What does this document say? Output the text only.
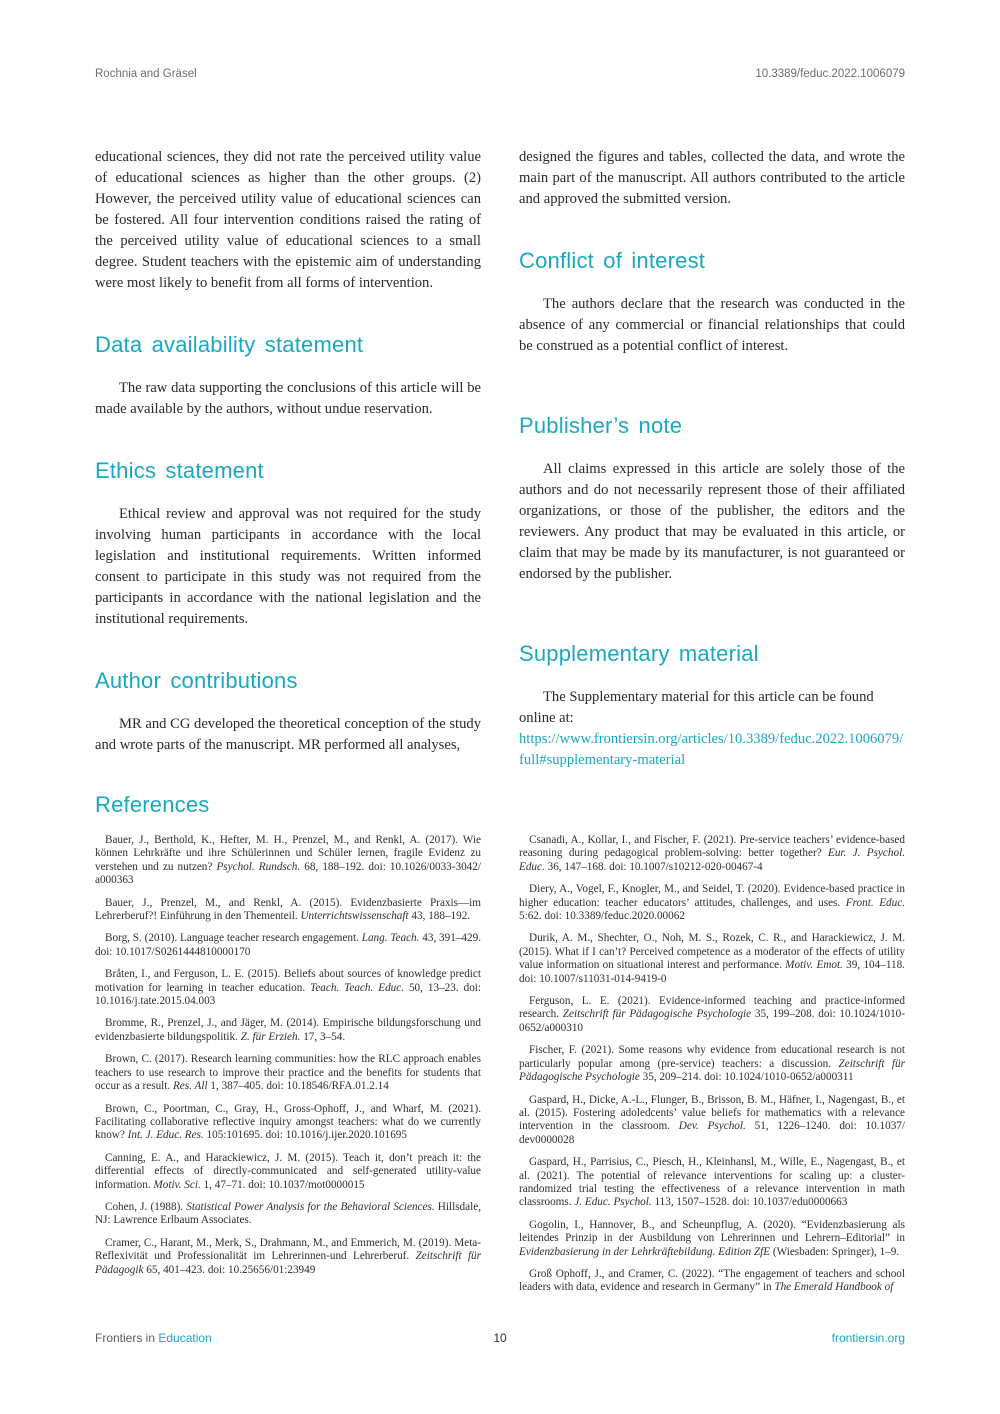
Rochnia and Gräsel	10.3389/feduc.2022.1006079

educational sciences, they did not rate the perceived utility value of educational sciences as higher than the other groups. (2) However, the perceived utility value of educational sciences can be fostered. All four intervention conditions raised the rating of the perceived utility value of educational sciences to a small degree. Student teachers with the epistemic aim of understanding were most likely to benefit from all forms of intervention.

Data availability statement

The raw data supporting the conclusions of this article will be made available by the authors, without undue reservation.

Ethics statement

Ethical review and approval was not required for the study involving human participants in accordance with the local legislation and institutional requirements. Written informed consent to participate in this study was not required from the participants in accordance with the national legislation and the institutional requirements.

Author contributions

MR and CG developed the theoretical conception of the study and wrote parts of the manuscript. MR performed all analyses,

designed the figures and tables, collected the data, and wrote the main part of the manuscript. All authors contributed to the article and approved the submitted version.

Conflict of interest

The authors declare that the research was conducted in the absence of any commercial or financial relationships that could be construed as a potential conflict of interest.

Publisher’s note

All claims expressed in this article are solely those of the authors and do not necessarily represent those of their affiliated organizations, or those of the publisher, the editors and the reviewers. Any product that may be evaluated in this article, or claim that may be made by its manufacturer, is not guaranteed or endorsed by the publisher.

Supplementary material

The Supplementary material for this article can be found online at: https://www.frontiersin.org/articles/10.3389/feduc.2022.1006079/ full#supplementary-material

References

Bauer, J., Berthold, K., Hefter, M. H., Prenzel, M., and Renkl, A. (2017). Wie können Lehrkräfte und ihre Schülerinnen und Schüler lernen, fragile Evidenz zu verstehen und zu nutzen? Psychol. Rundsch. 68, 188–192. doi: 10.1026/0033-3042/ a000363

Bauer, J., Prenzel, M., and Renkl, A. (2015). Evidenzbasierte Praxis—im Lehrerberuf?! Einführung in den Thementeil. Unterrichtswissenschaft 43, 188–192.

Borg, S. (2010). Language teacher research engagement. Lang. Teach. 43, 391–429. doi: 10.1017/S0261444810000170

Bråten, I., and Ferguson, L. E. (2015). Beliefs about sources of knowledge predict motivation for learning in teacher education. Teach. Teach. Educ. 50, 13–23. doi: 10.1016/j.tate.2015.04.003

Bromme, R., Prenzel, J., and Jäger, M. (2014). Empirische bildungsforschung und evidenzbasierte bildungspolitik. Z. für Erzieh. 17, 3–54.

Brown, C. (2017). Research learning communities: how the RLC approach enables teachers to use research to improve their practice and the benefits for students that occur as a result. Res. All 1, 387–405. doi: 10.18546/RFA.01.2.14

Brown, C., Poortman, C., Gray, H., Gross-Ophoff, J., and Wharf, M. (2021). Facilitating collaborative reflective inquiry amongst teachers: what do we currently know? Int. J. Educ. Res. 105:101695. doi: 10.1016/j.ijer.2020.101695

Canning, E. A., and Harackiewicz, J. M. (2015). Teach it, don’t preach it: the differential effects of directly-communicated and self-generated utility-value information. Motiv. Sci. 1, 47–71. doi: 10.1037/mot0000015

Cohen, J. (1988). Statistical Power Analysis for the Behavioral Sciences. Hillsdale, NJ: Lawrence Erlbaum Associates.

Cramer, C., Harant, M., Merk, S., Drahmann, M., and Emmerich, M. (2019). Meta-Reflexivität und Professionalität im Lehrerinnen-und Lehrerberuf. Zeitschrift für Pädagogik 65, 401–423. doi: 10.25656/01:23949

Csanadi, A., Kollar, I., and Fischer, F. (2021). Pre-service teachers’ evidence-based reasoning during pedagogical problem-solving: better together? Eur. J. Psychol. Educ. 36, 147–168. doi: 10.1007/s10212-020-00467-4

Diery, A., Vogel, F., Knogler, M., and Seidel, T. (2020). Evidence-based practice in higher education: teacher educators’ attitudes, challenges, and uses. Front. Educ. 5:62. doi: 10.3389/feduc.2020.00062

Durik, A. M., Shechter, O., Noh, M. S., Rozek, C. R., and Harackiewicz, J. M. (2015). What if I can’t? Perceived competence as a moderator of the effects of utility value information on situational interest and performance. Motiv. Emot. 39, 104–118. doi: 10.1007/s11031-014-9419-0

Ferguson, L. E. (2021). Evidence-informed teaching and practice-informed research. Zeitschrift für Pädagogische Psychologie 35, 199–208. doi: 10.1024/1010-0652/a000310

Fischer, F. (2021). Some reasons why evidence from educational research is not particularly popular among (pre-service) teachers: a discussion. Zeitschrift für Pädagogische Psychologie 35, 209–214. doi: 10.1024/1010-0652/a000311

Gaspard, H., Dicke, A.-L., Flunger, B., Brisson, B. M., Häfner, I., Nagengast, B., et al. (2015). Fostering adoledcents’ value beliefs for mathematics with a relevance intervention in the classroom. Dev. Psychol. 51, 1226–1240. doi: 10.1037/ dev0000028

Gaspard, H., Parrisius, C., Piesch, H., Kleinhansl, M., Wille, E., Nagengast, B., et al. (2021). The potential of relevance interventions for scaling up: a cluster-randomized trial testing the effectiveness of a relevance intervention in math classrooms. J. Educ. Psychol. 113, 1507–1528. doi: 10.1037/edu0000663

Gogolin, I., Hannover, B., and Scheunpflug, A. (2020). “Evidenzbasierung als leitendes Prinzip in der Ausbildung von Lehrerinnen und Lehrern–Editorial” in Evidenzbasierung in der Lehrkräftebildung. Edition ZfE (Wiesbaden: Springer), 1–9.

Groß Ophoff, J., and Cramer, C. (2022). “The engagement of teachers and school leaders with data, evidence and research in Germany” in The Emerald Handbook of

Frontiers in Education	10	frontiersin.org
